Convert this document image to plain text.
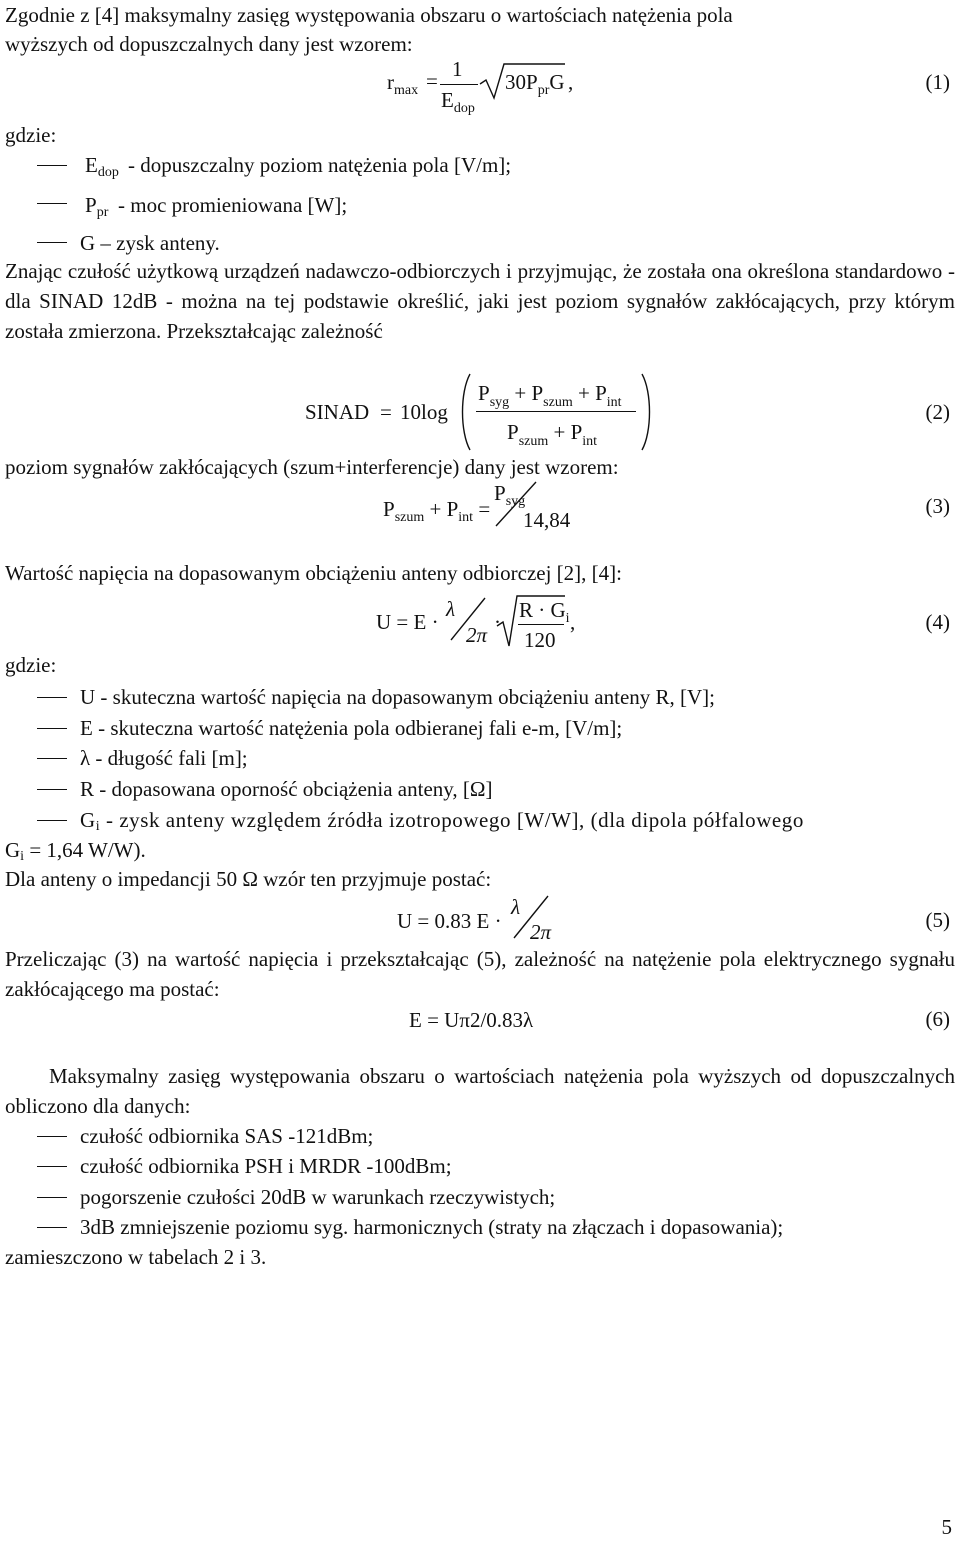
Zgodnie z [4] maksymalny zasięg występowania obszaru o wartościach natężenia pola
wyższych od dopuszczalnych dany jest wzorem:
$r_{max} = 1$
$E_{dop}$
$30P_{pr}G$ ,	(1)
gdzie:
Edop - dopuszczalny poziom natężenia pola [V/m];
Ppr - moc promieniowana [W];
G – zysk anteny.
Znając czułość użytkową urządzeń nadawczo-odbiorczych i przyjmując, że została ona określona standardowo - dla SINAD 12dB - można na tej podstawie określić, jaki jest poziom sygnałów zakłócających, przy którym została zmierzona. Przekształcając zależność
SINAD = 10log
$P_{syg} + P_{szum} + P_{int}$
$P_{szum} + P_{int}$
(2)
poziom sygnałów zakłócających (szum+interferencje) dany jest wzorem:
$P_{szum} + P_{int}$ =
$P_{syg}$
14,84
(3)
Wartość napięcia na dopasowanym obciążeniu anteny odbiorczej [2], [4]:
U = E ·
λ
2π
· $R \cdot G_i$
120
,	(4)
gdzie:
U - skuteczna wartość napięcia na dopasowanym obciążeniu anteny R, [V];
E - skuteczna wartość natężenia pola odbieranej fali e-m, [V/m];
λ - długość fali [m];
R - dopasowana oporność obciążenia anteny, [Ω]
Gi - zysk anteny względem źródła izotropowego [W/W], (dla dipola półfalowego
Gi = 1,64 W/W).
Dla anteny o impedancji 50 Ω wzór ten przyjmuje postać:
U = 0.83 E ·
λ
2π	(5)
Przeliczając (3) na wartość napięcia i przekształcając (5), zależność na natężenie pola elektrycznego sygnału zakłócającego ma postać:
E = Uπ2/0.83λ	(6)
Maksymalny zasięg występowania obszaru o wartościach natężenia pola wyższych od dopuszczalnych obliczono dla danych:
czułość odbiornika SAS -121dBm;
czułość odbiornika PSH i MRDR -100dBm;
pogorszenie czułości 20dB w warunkach rzeczywistych;
3dB zmniejszenie poziomu syg. harmonicznych (straty na złączach i dopasowania);
zamieszczono w tabelach 2 i 3.
5
